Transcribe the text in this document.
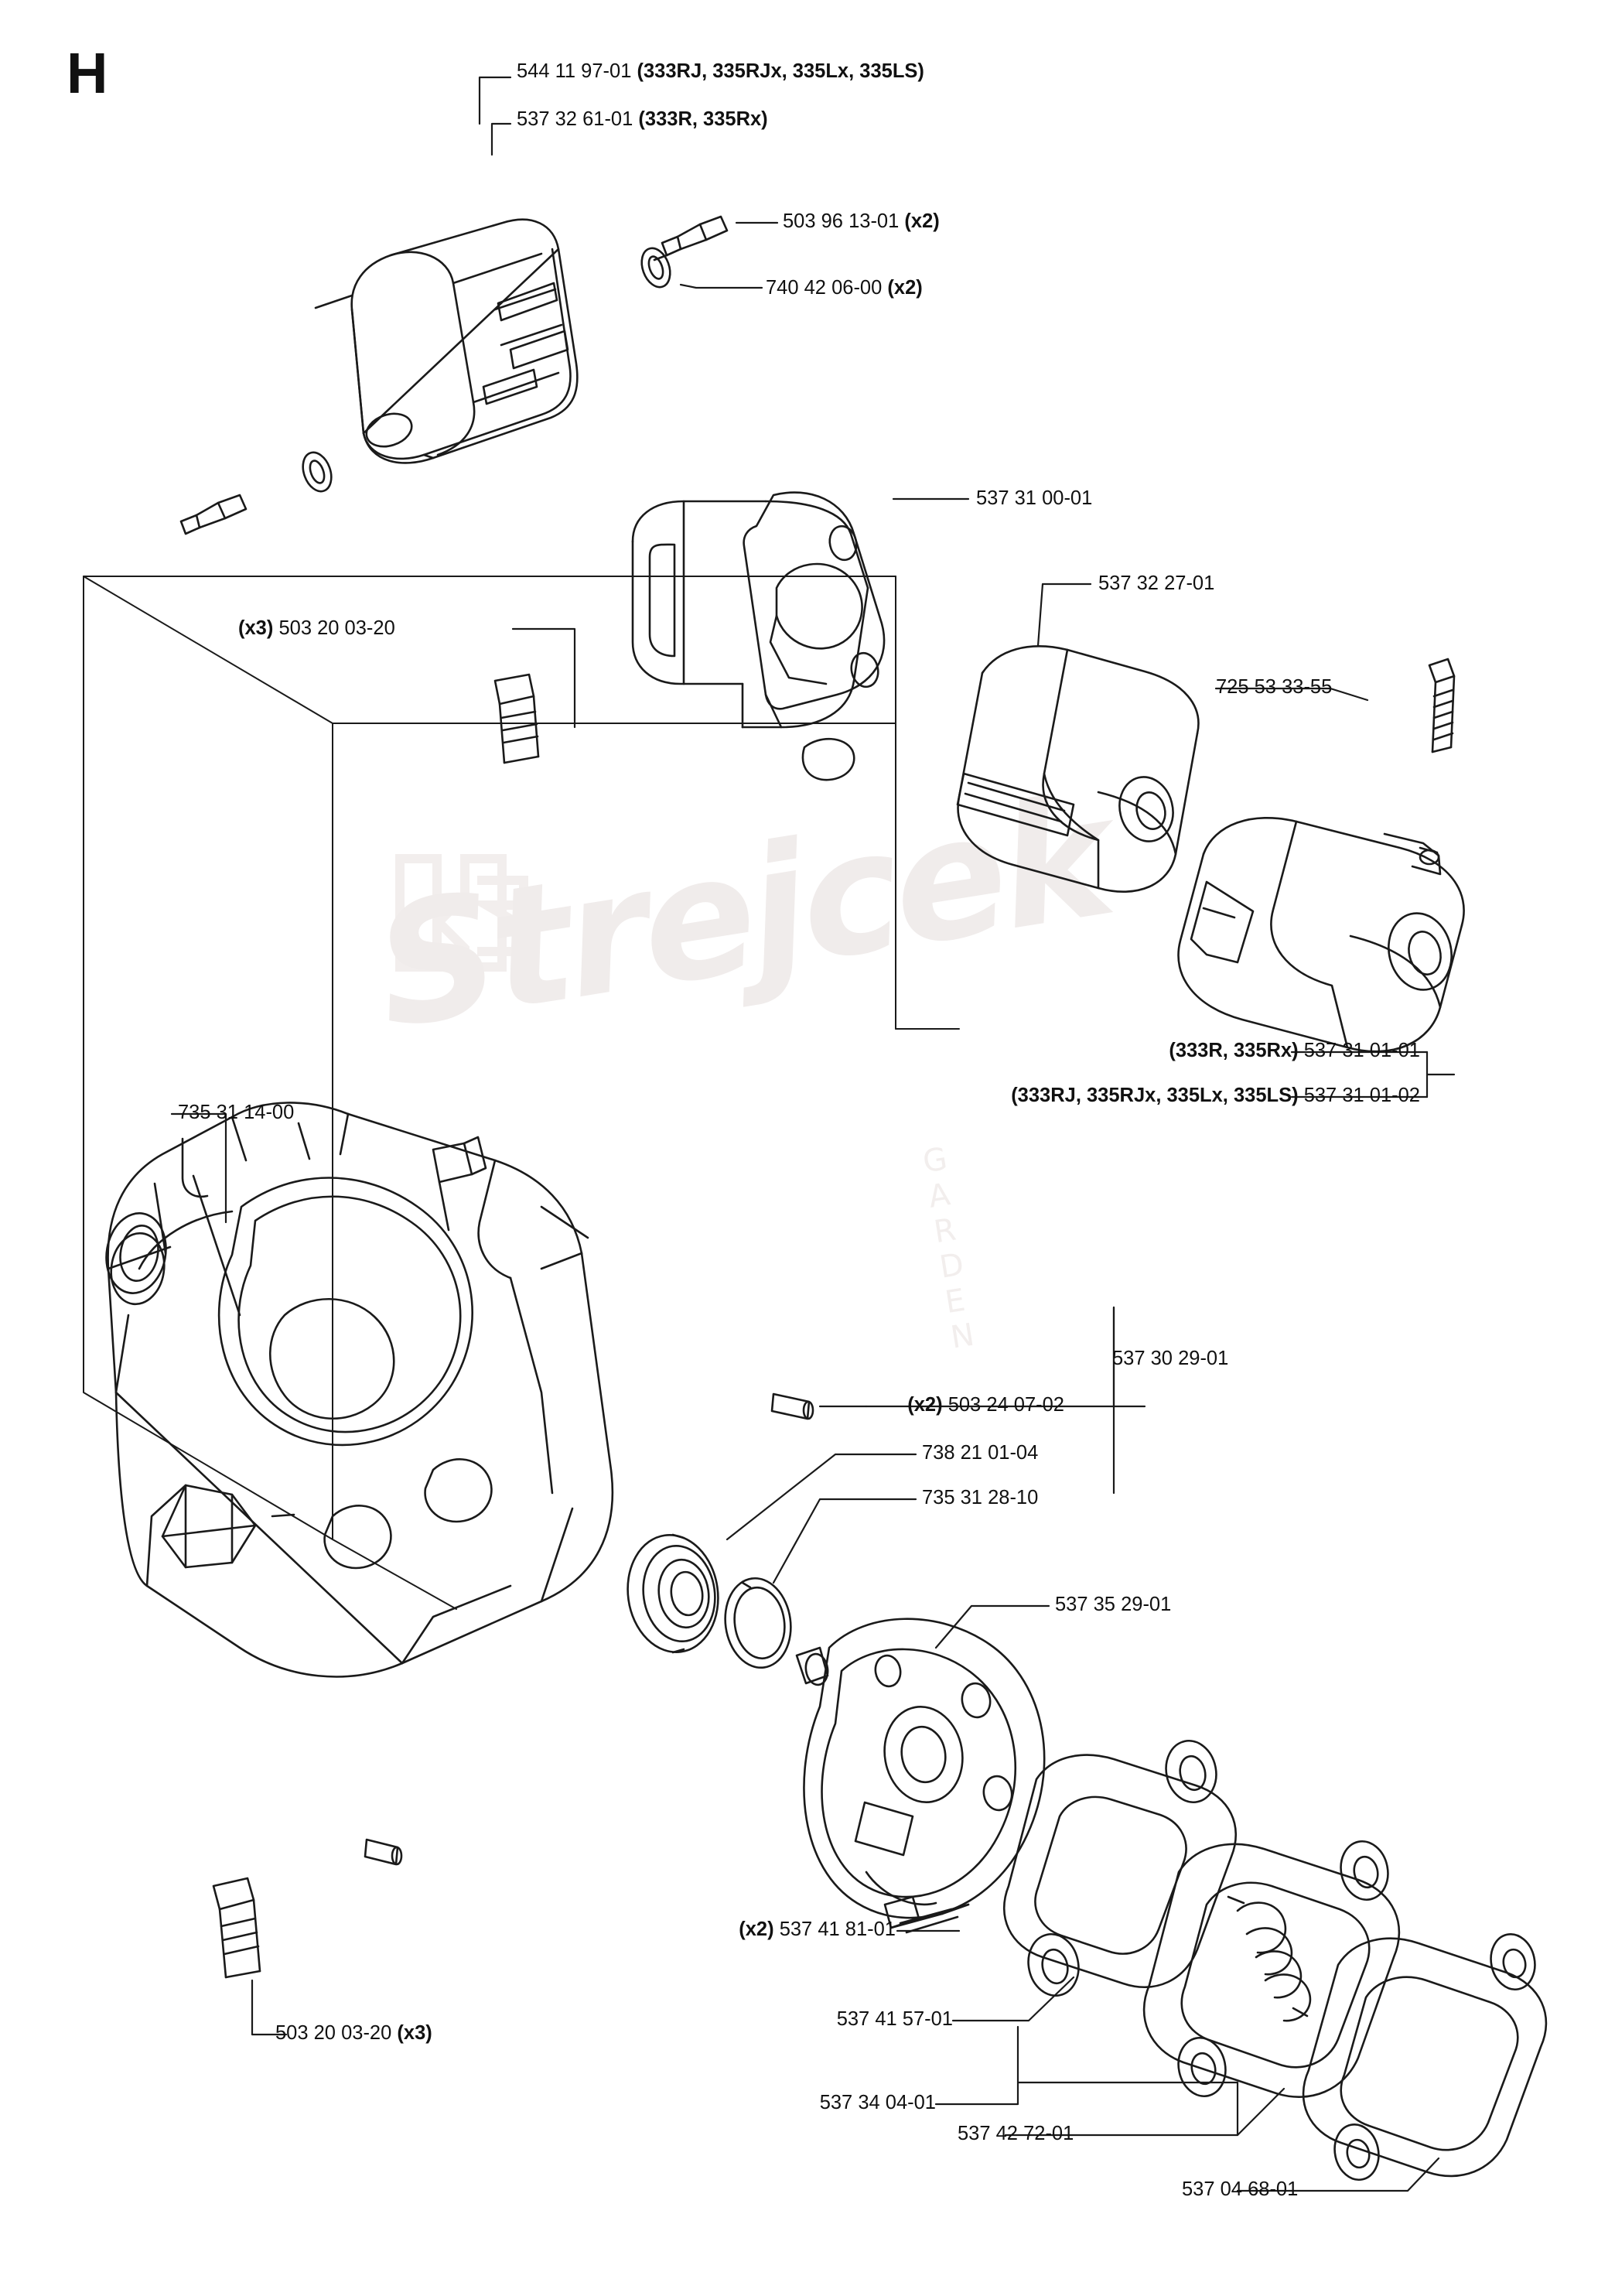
Strejcek
G A R D E N
H	544 11 97-01 (333RJ, 335RJx, 335Lx, 335LS)
537 32 61-01 (333R, 335Rx)
503 96 13-01 (x2)
740 42 06-00 (x2)
537 31 00-01
537 32 27-01
725 53 33-55
(x3) 503 20 03-20
(333R, 335Rx) 537 31 01-01
(333RJ, 335RJx, 335Lx, 335LS) 537 31 01-02
735 31 14-00
(x2) 503 24 07-02
537 30 29-01
738 21 01-04
735 31 28-10
537 35 29-01
503 20 03-20 (x3)
(x2) 537 41 81-01
537 41 57-01
537 34 04-01
537 42 72-01
537 04 68-01
